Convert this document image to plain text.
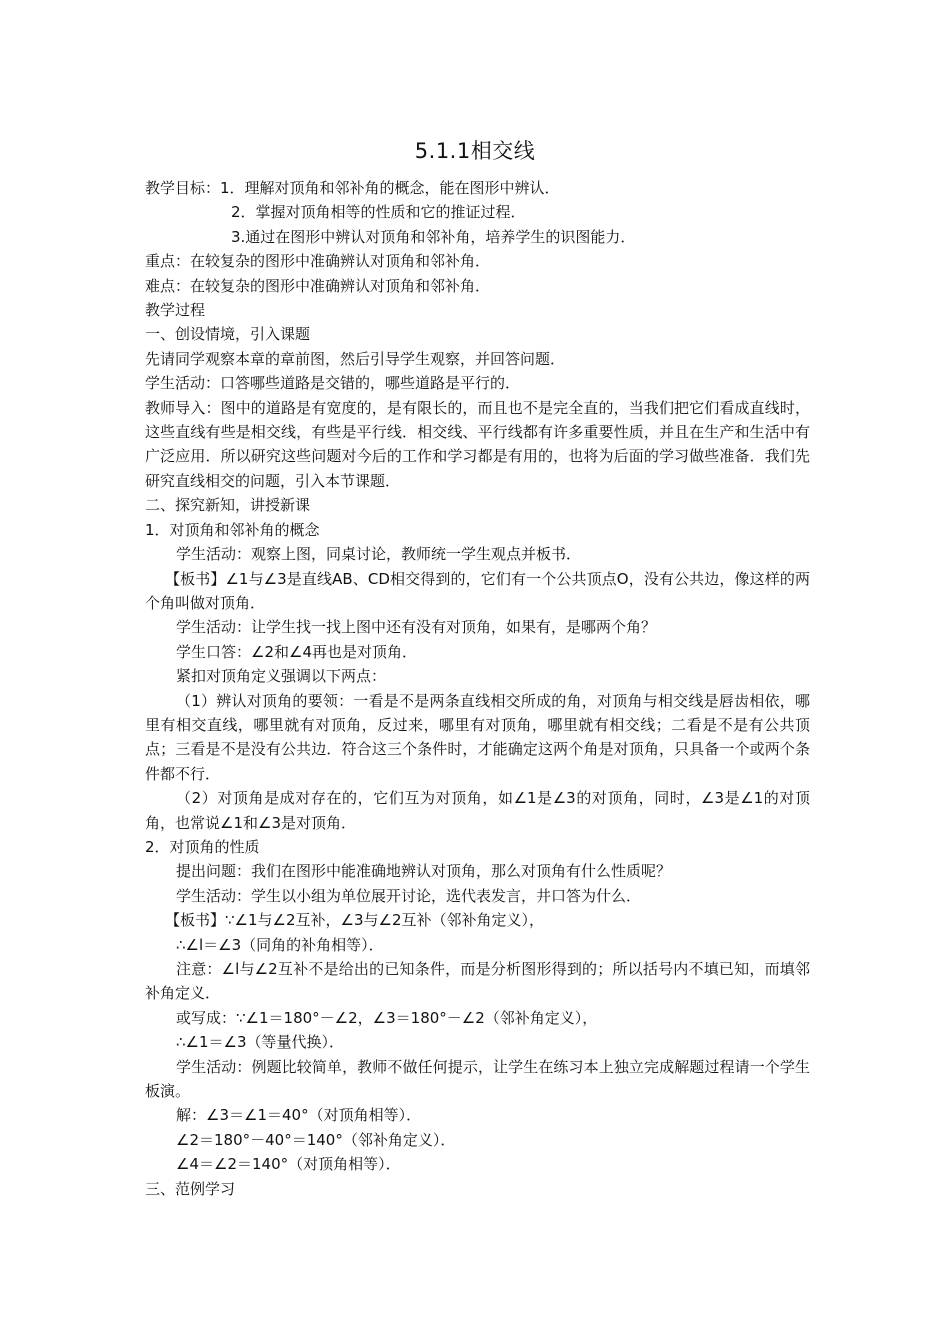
5.1.1相交线

教学目标：1．理解对顶角和邻补角的概念，能在图形中辨认．

2．掌握对顶角相等的性质和它的推证过程．

3.通过在图形中辨认对顶角和邻补角，培养学生的识图能力．

重点：在较复杂的图形中准确辨认对顶角和邻补角．

难点：在较复杂的图形中准确辨认对顶角和邻补角．

教学过程

一、创设情境，引入课题

先请同学观察本章的章前图，然后引导学生观察，并回答问题．

学生活动：口答哪些道路是交错的，哪些道路是平行的．

教师导入：图中的道路是有宽度的，是有限长的，而且也不是完全直的，当我们把它们看成直线时，这些直线有些是相交线，有些是平行线．相交线、平行线都有许多重要性质，并且在生产和生活中有广泛应用．所以研究这些问题对今后的工作和学习都是有用的，也将为后面的学习做些准备．我们先研究直线相交的问题，引入本节课题．

二、探究新知，讲授新课

1．对顶角和邻补角的概念

学生活动：观察上图，同桌讨论，教师统一学生观点并板书．

【板书】∠1与∠3是直线AB、CD相交得到的，它们有一个公共顶点O，没有公共边，像这样的两个角叫做对顶角．

学生活动：让学生找一找上图中还有没有对顶角，如果有，是哪两个角？

学生口答：∠2和∠4再也是对顶角．

紧扣对顶角定义强调以下两点：

（1）辨认对顶角的要领：一看是不是两条直线相交所成的角，对顶角与相交线是唇齿相依，哪里有相交直线，哪里就有对顶角，反过来，哪里有对顶角，哪里就有相交线；二看是不是有公共顶点；三看是不是没有公共边．符合这三个条件时，才能确定这两个角是对顶角，只具备一个或两个条件都不行．

（2）对顶角是成对存在的，它们互为对顶角，如∠1是∠3的对顶角，同时，∠3是∠1的对顶角，也常说∠1和∠3是对顶角．

2．对顶角的性质

提出问题：我们在图形中能准确地辨认对顶角，那么对顶角有什么性质呢？

学生活动：学生以小组为单位展开讨论，选代表发言，井口答为什么．

【板书】∵∠1与∠2互补，∠3与∠2互补（邻补角定义），

∴∠l＝∠3（同角的补角相等）．

注意：∠l与∠2互补不是给出的已知条件，而是分析图形得到的；所以括号内不填已知，而填邻补角定义．

或写成：∵∠1＝180°－∠2，∠3＝180°－∠2（邻补角定义），

∴∠1＝∠3（等量代换）．

学生活动：例题比较简单，教师不做任何提示，让学生在练习本上独立完成解题过程请一个学生板演。

解：∠3＝∠1＝40°（对顶角相等）．

∠2＝180°－40°＝140°（邻补角定义）．

∠4＝∠2＝140°（对顶角相等）．

三、范例学习
